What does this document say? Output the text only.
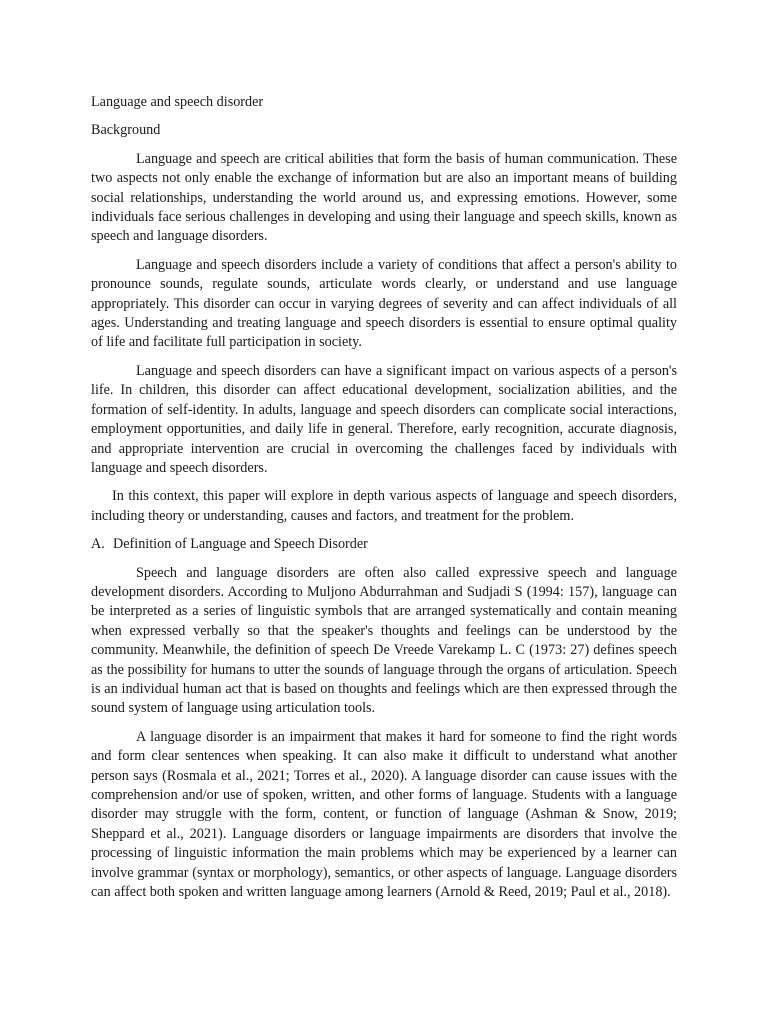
Language and speech disorder
Background

Language and speech are critical abilities that form the basis of human communication. These two aspects not only enable the exchange of information but are also an important means of building social relationships, understanding the world around us, and expressing emotions. However, some individuals face serious challenges in developing and using their language and speech skills, known as speech and language disorders.

Language and speech disorders include a variety of conditions that affect a person's ability to pronounce sounds, regulate sounds, articulate words clearly, or understand and use language appropriately. This disorder can occur in varying degrees of severity and can affect individuals of all ages. Understanding and treating language and speech disorders is essential to ensure optimal quality of life and facilitate full participation in society.

Language and speech disorders can have a significant impact on various aspects of a person's life. In children, this disorder can affect educational development, socialization abilities, and the formation of self-identity. In adults, language and speech disorders can complicate social interactions, employment opportunities, and daily life in general. Therefore, early recognition, accurate diagnosis, and appropriate intervention are crucial in overcoming the challenges faced by individuals with language and speech disorders.

In this context, this paper will explore in depth various aspects of language and speech disorders, including theory or understanding, causes and factors, and treatment for the problem.

A. Definition of Language and Speech Disorder

Speech and language disorders are often also called expressive speech and language development disorders. According to Muljono Abdurrahman and Sudjadi S (1994: 157), language can be interpreted as a series of linguistic symbols that are arranged systematically and contain meaning when expressed verbally so that the speaker's thoughts and feelings can be understood by the community. Meanwhile, the definition of speech De Vreede Varekamp L. C (1973: 27) defines speech as the possibility for humans to utter the sounds of language through the organs of articulation. Speech is an individual human act that is based on thoughts and feelings which are then expressed through the sound system of language using articulation tools.

A language disorder is an impairment that makes it hard for someone to find the right words and form clear sentences when speaking. It can also make it difficult to understand what another person says (Rosmala et al., 2021; Torres et al., 2020). A language disorder can cause issues with the comprehension and/or use of spoken, written, and other forms of language. Students with a language disorder may struggle with the form, content, or function of language (Ashman & Snow, 2019; Sheppard et al., 2021). Language disorders or language impairments are disorders that involve the processing of linguistic information the main problems which may be experienced by a learner can involve grammar (syntax or morphology), semantics, or other aspects of language. Language disorders can affect both spoken and written language among learners (Arnold & Reed, 2019; Paul et al., 2018).
